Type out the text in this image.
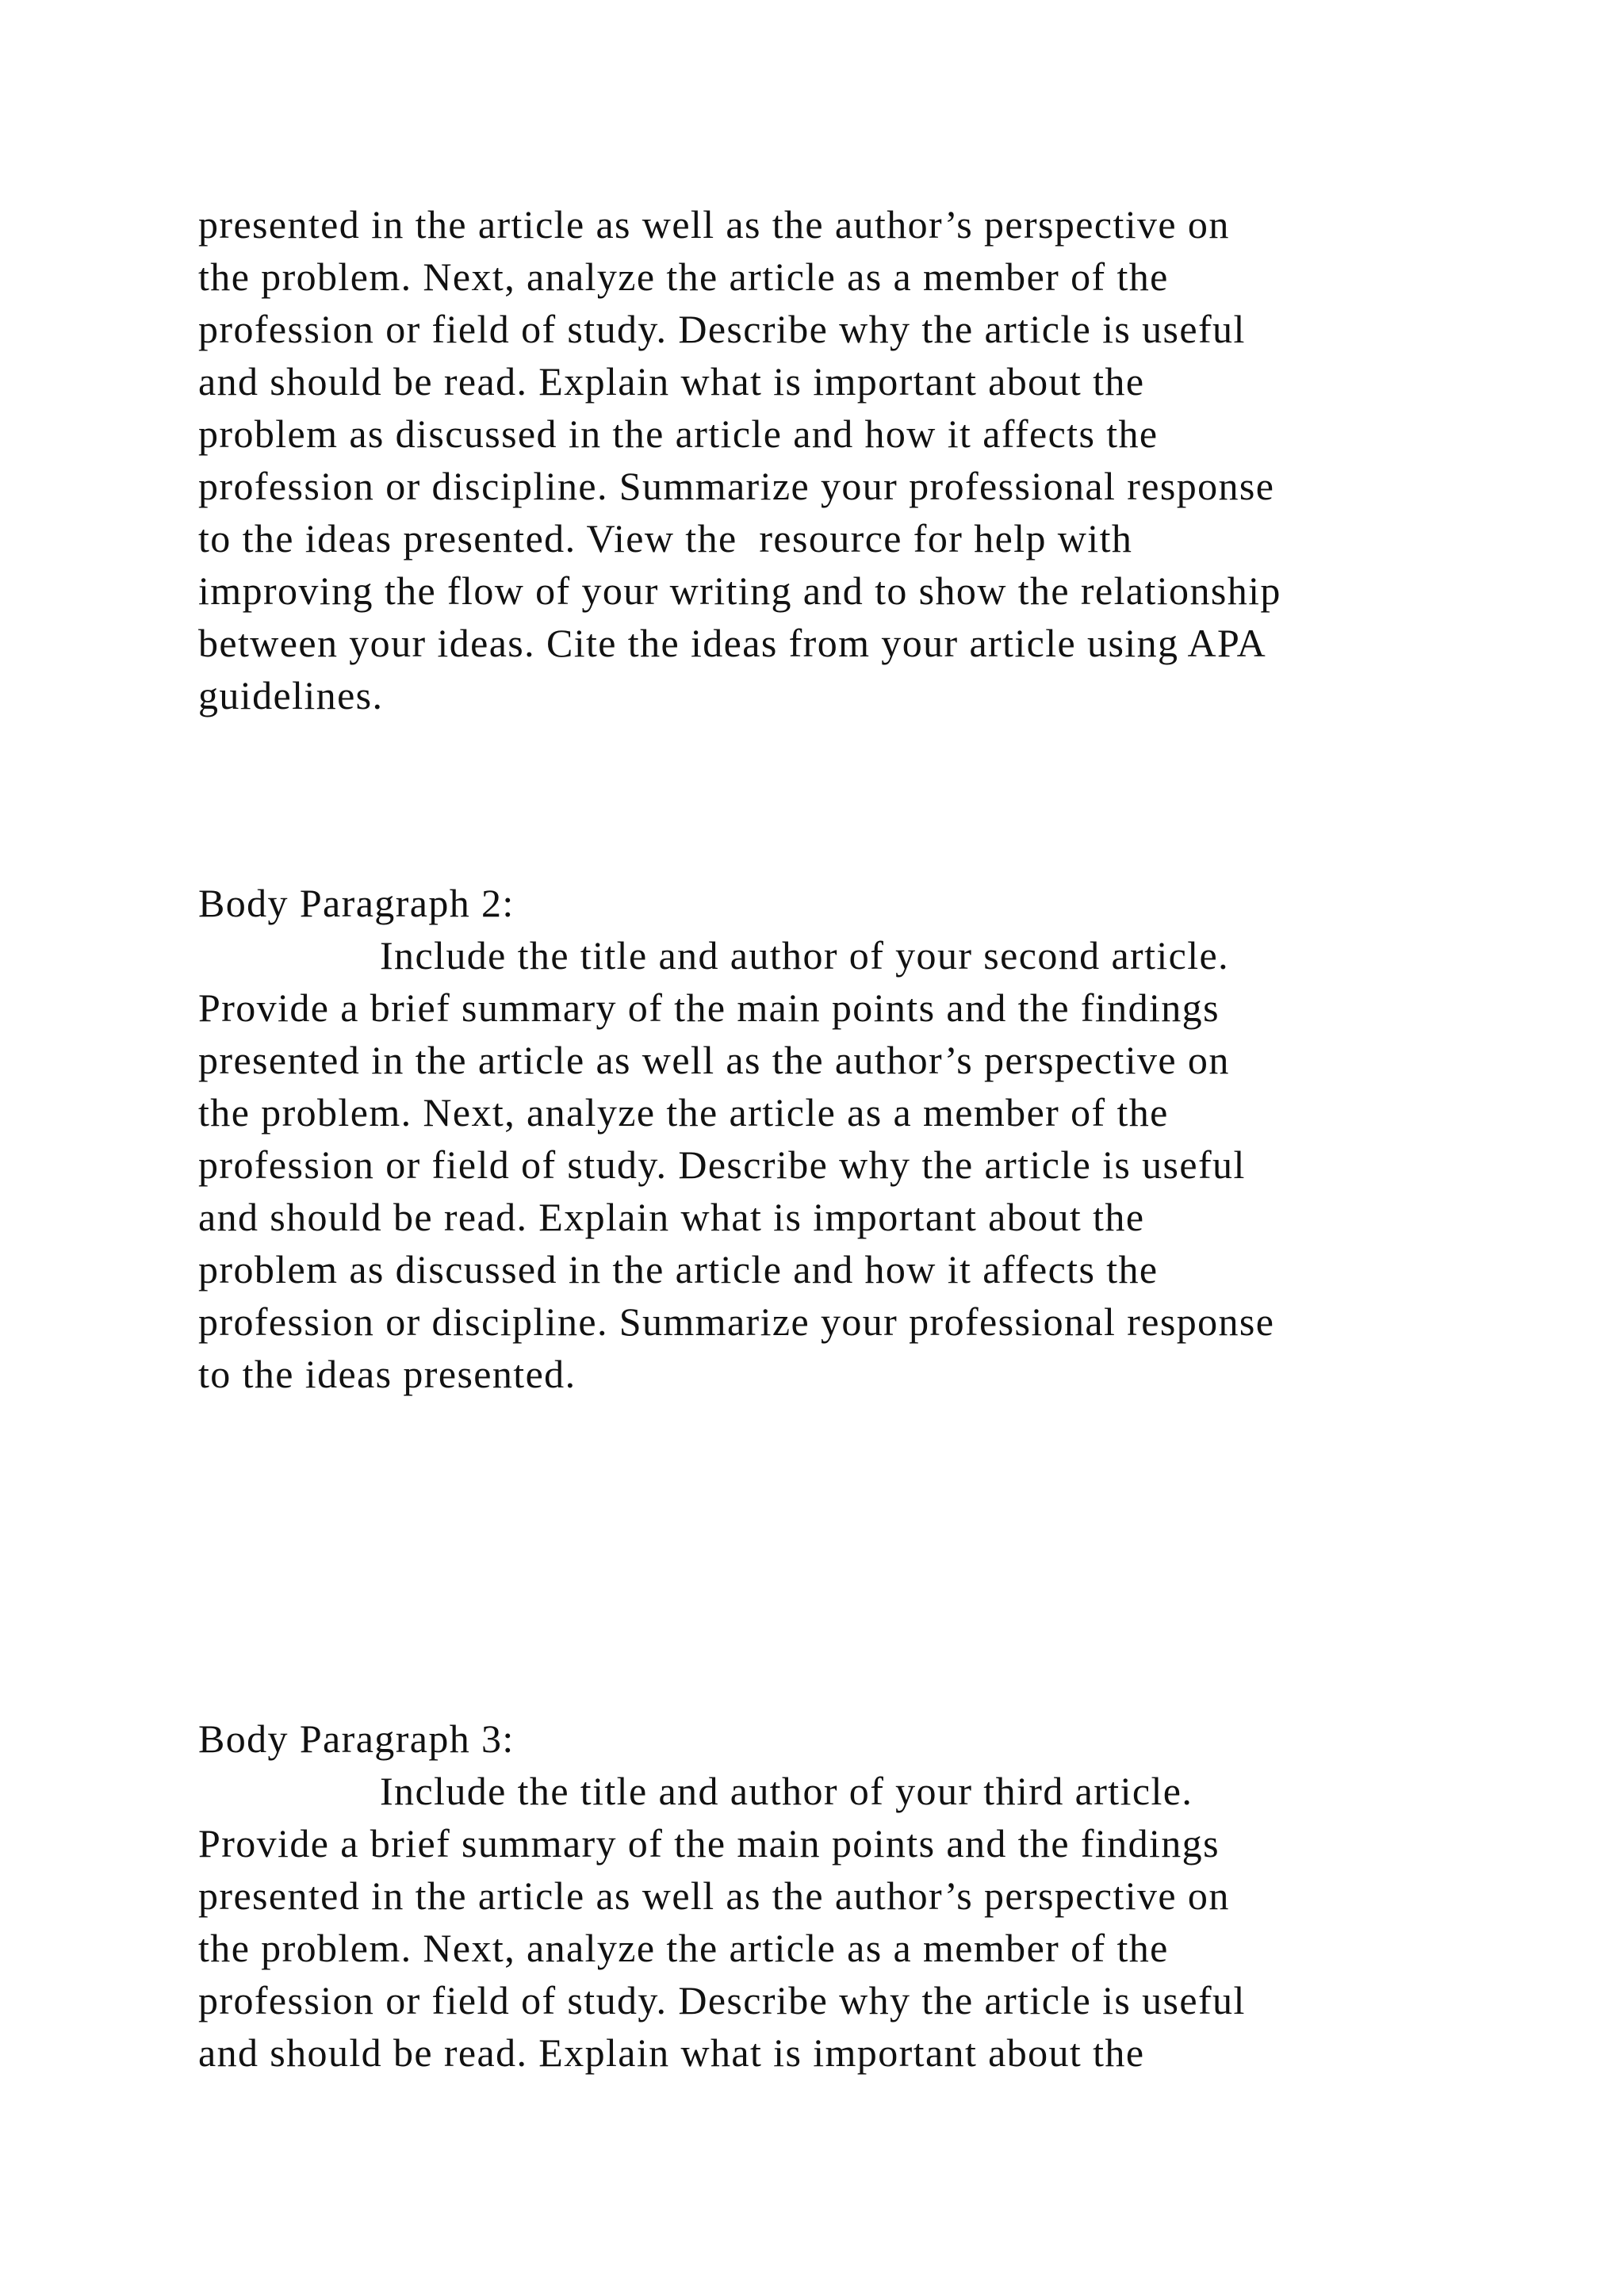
presented in the article as well as the author’s perspective on
the problem. Next, analyze the article as a member of the
profession or field of study. Describe why the article is useful
and should be read. Explain what is important about the
problem as discussed in the article and how it affects the
profession or discipline. Summarize your professional response
to the ideas presented. View the  resource for help with
improving the flow of your writing and to show the relationship
between your ideas. Cite the ideas from your article using APA
guidelines.
Body Paragraph 2:
Include the title and author of your second article.
Provide a brief summary of the main points and the findings
presented in the article as well as the author’s perspective on
the problem. Next, analyze the article as a member of the
profession or field of study. Describe why the article is useful
and should be read. Explain what is important about the
problem as discussed in the article and how it affects the
profession or discipline. Summarize your professional response
to the ideas presented.
Body Paragraph 3:
Include the title and author of your third article.
Provide a brief summary of the main points and the findings
presented in the article as well as the author’s perspective on
the problem. Next, analyze the article as a member of the
profession or field of study. Describe why the article is useful
and should be read. Explain what is important about the
